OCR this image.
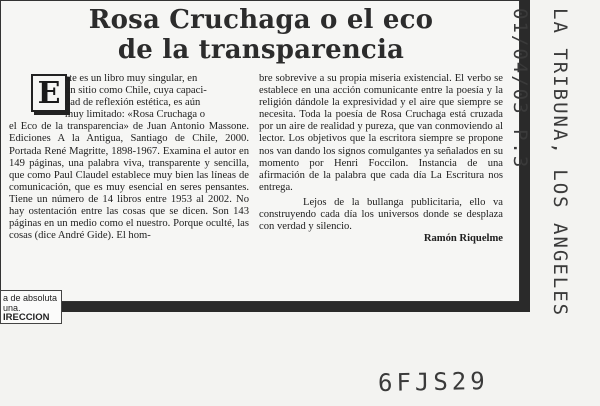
Rosa Cruchaga o el eco
de la transparencia
E ste es un libro muy singular, en

un sitio como Chile, cuya capaci-

dad de reflexión estética, es aún

muy limitado: «Rosa Cruchaga o

el Eco de la transparencia» de Juan Antonio Massone. Ediciones A la Antigua, Santiago de Chile, 2000. Portada René Magritte, 1898-1967. Examina el autor en 149 páginas, una palabra viva, transparente y sencilla, que como Paul Claudel establece muy bien las líneas de comunicación, que es muy esencial en seres pensantes. Tiene un número de 14 libros entre 1953 al 2002. No hay ostentación entre las cosas que se dicen. Son 143 páginas en un medio como el nuestro. Porque oculté, las cosas (dice André Gide). El hom-

bre sobrevive a su propia miseria existencial. El verbo se establece en una acción comunicante entre la poesía y la religión dándole la expresividad y el aire que siempre se necesita. Toda la poesía de Rosa Cruchaga está cruzada por un aire de realidad y pureza, que van conmoviendo al lector. Los objetivos que la escritora siempre se propone nos van dando los signos comulgantes ya señalados en su momento por Henri Foccilon. Instancia de una afirmación de la palabra que cada día La Escritura nos entrega.

Lejos de la bullanga publicitaria, ello va construyendo cada día los universos donde se desplaza con verdad y silencio.

Ramón Riquelme

a de absoluta
una.
IRECCION
LA TRIBUNA, LOS ANGELES 01/04/03 P.3
6FJS29
